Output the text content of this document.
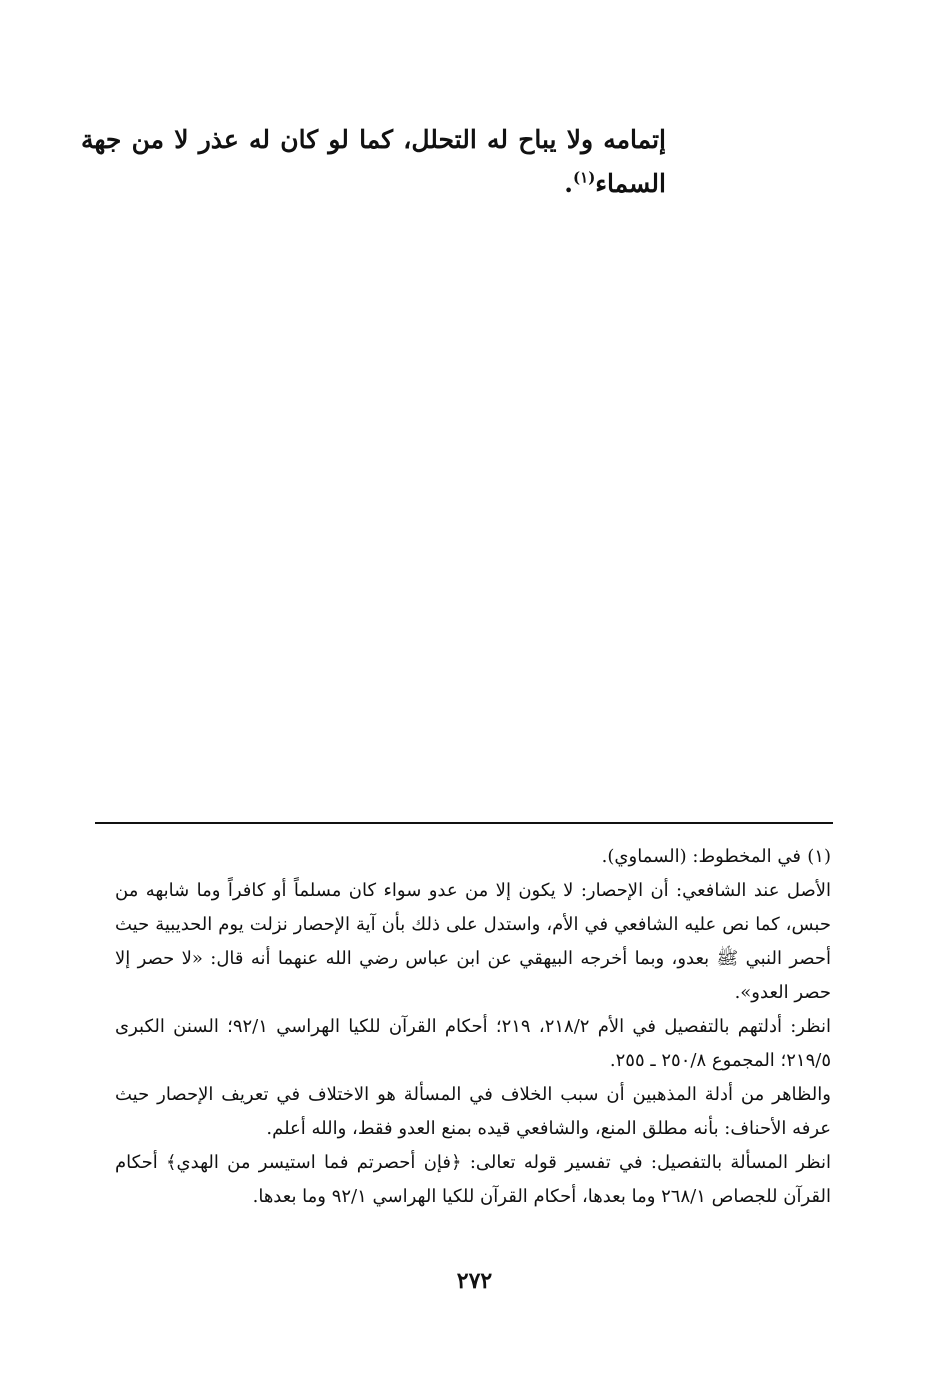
إتمامه ولا يباح له التحلل، كما لو كان له عذر لا من جهة السماء$^{(١)}$.

(١)في المخطوط: (السماوي).

الأصل عند الشافعي: أن الإحصار: لا يكون إلا من عدو سواء كان مسلماً أو كافراً وما شابهه من حبس، كما نص عليه الشافعي في الأم، واستدل على ذلك بأن آية الإحصار نزلت يوم الحديبية حيث أحصر النبي ﷺ بعدو، وبما أخرجه البيهقي عن ابن عباس رضي الله عنهما أنه قال: «لا حصر إلا حصر العدو».

انظر: أدلتهم بالتفصيل في الأم ٢١٨/٢، ٢١٩؛ أحكام القرآن للكيا الهراسي ٩٢/١؛ السنن الكبرى ٢١٩/٥؛ المجموع ٢٥٠/٨ ـ ٢٥٥.

والظاهر من أدلة المذهبين أن سبب الخلاف في المسألة هو الاختلاف في تعريف الإحصار حيث عرفه الأحناف: بأنه مطلق المنع، والشافعي قيده بمنع العدو فقط، والله أعلم.

انظر المسألة بالتفصيل: في تفسير قوله تعالى: ﴿فإن أحصرتم فما استيسر من الهدي﴾ أحكام القرآن للجصاص ٢٦٨/١ وما بعدها، أحكام القرآن للكيا الهراسي ٩٢/١ وما بعدها.

٢٧٢
